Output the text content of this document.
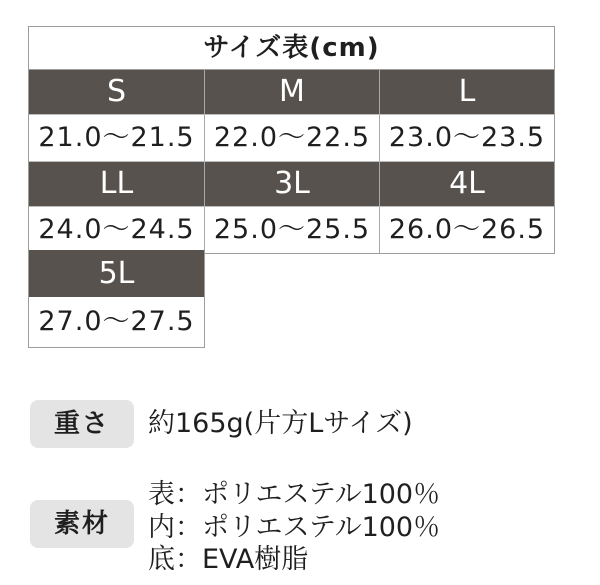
サイズ表(cm)
S	M	L
21.0〜21.5 22.0〜22.5 23.0〜23.5
LL	3L	4L
24.0〜24.5 25.0〜25.5 26.0〜26.5
5L
27.0〜27.5
重さ	約165g(片方Lサイズ)
素材
表：ポリエステル100％
内：ポリエステル100％
底：EVA樹脂
